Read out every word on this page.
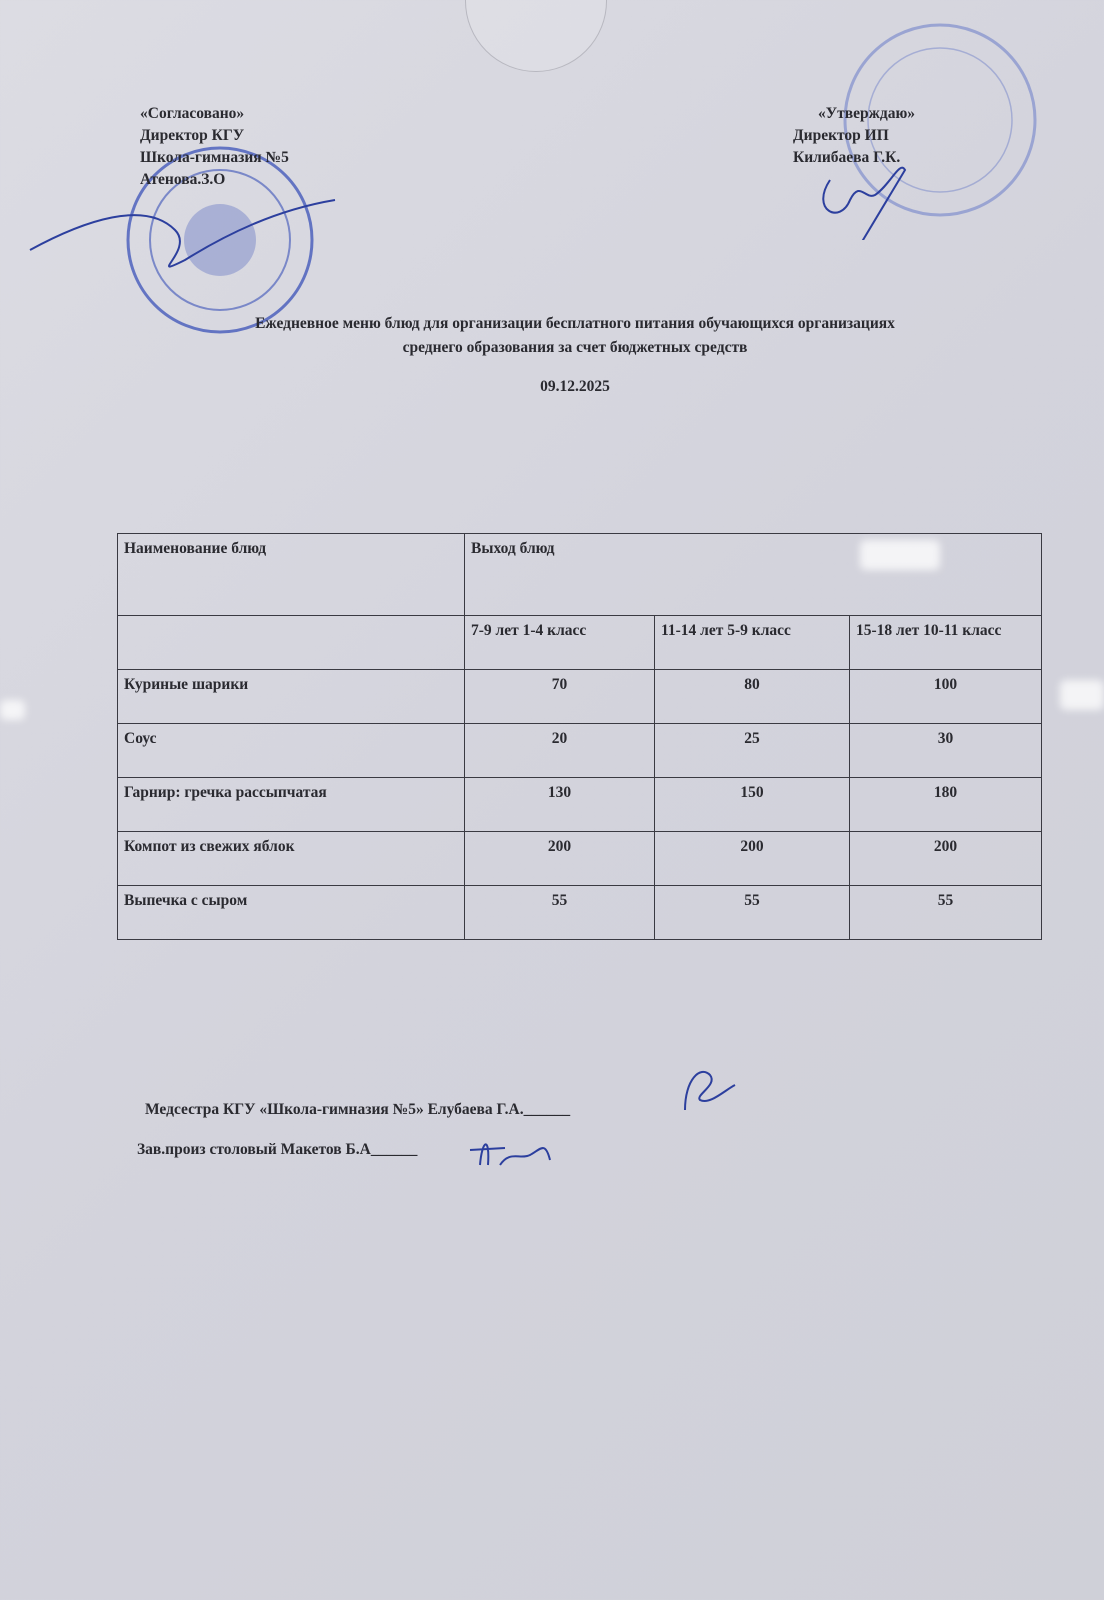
«Согласовано»
Директор КГУ
Школа-гимназия №5
Атенова.З.О
«Утверждаю»
Директор ИП
Килибаева Г.К.
Ежедневное меню блюд для организации бесплатного питания обучающихся организациях
среднего образования за счет бюджетных средств
09.12.2025
Наименование блюд	Выход блюд		
	7-9 лет 1-4 класс	11-14 лет 5-9 класс	15-18 лет 10-11 класс
Куриные шарики	70	80	100
Соус	20	25	30
Гарнир: гречка рассыпчатая	130	150	180
Компот из свежих яблок	200	200	200
Выпечка с сыром	55	55	55
Медсестра КГУ «Школа-гимназия №5» Елубаева Г.А.______
Зав.произ столовый Макетов Б.А______
